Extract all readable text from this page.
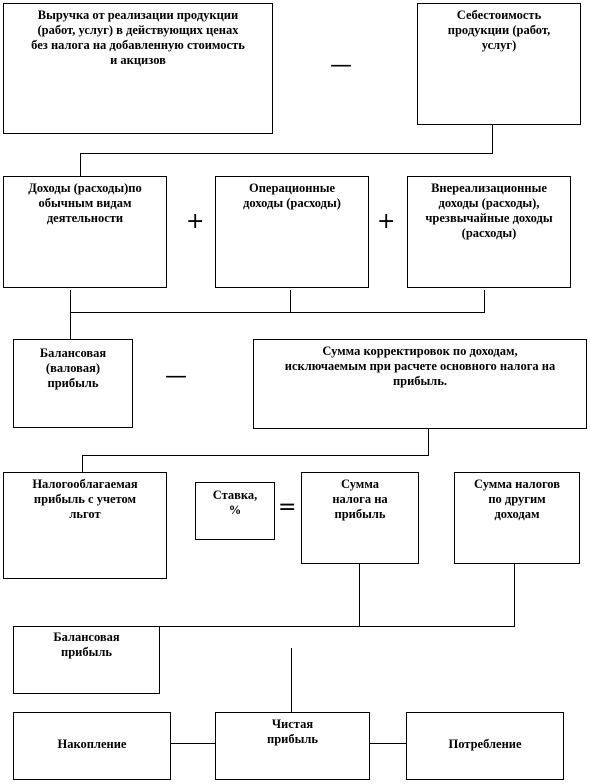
Выручка от реализации продукции
(работ, услуг) в действующих ценах
без налога на добавленную стоимость
и акцизов	—
Себестоимость
продукции (работ,
услуг)
Доходы (расходы)по
обычным видам
деятельности	+
Операционные
доходы (расходы)
+
Внереализационные
доходы (расходы),
чрезвычайные доходы
(расходы)
Балансовая
(валовая)
прибыль	—
Сумма корректировок по доходам,
исключаемым при расчете основного налога на
прибыль.
Налогооблагаемая
прибыль с учетом
льгот
Ставка,
%	=
Сумма
налога на
прибыль
Сумма налогов
по другим
доходам
Балансовая
прибыль
Накопление
Чистая
прибыль	Потребление
